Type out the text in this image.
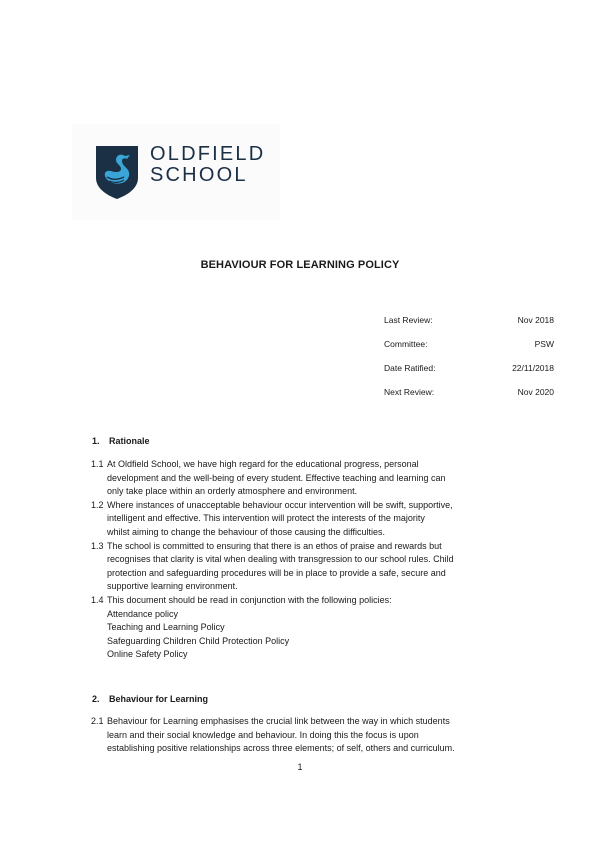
OLDFIELD
SCHOOL
BEHAVIOUR FOR LEARNING POLICY
Last Review:	Nov 2018
Committee:	PSW
Date Ratified:	22/11/2018
Next Review:	Nov 2020
1. Rationale
1.1 At Oldfield School, we have high regard for the educational progress, personal
development and the well-being of every student. Effective teaching and learning can
only take place within an orderly atmosphere and environment.
1.2 Where instances of unacceptable behaviour occur intervention will be swift, supportive,
intelligent and effective. This intervention will protect the interests of the majority
whilst aiming to change the behaviour of those causing the difficulties.
1.3 The school is committed to ensuring that there is an ethos of praise and rewards but
recognises that clarity is vital when dealing with transgression to our school rules. Child
protection and safeguarding procedures will be in place to provide a safe, secure and
supportive learning environment.
1.4 This document should be read in conjunction with the following policies:
Attendance policy
Teaching and Learning Policy
Safeguarding Children Child Protection Policy
Online Safety Policy
2. Behaviour for Learning
2.1 Behaviour for Learning emphasises the crucial link between the way in which students
learn and their social knowledge and behaviour. In doing this the focus is upon
establishing positive relationships across three elements; of self, others and curriculum.
1
